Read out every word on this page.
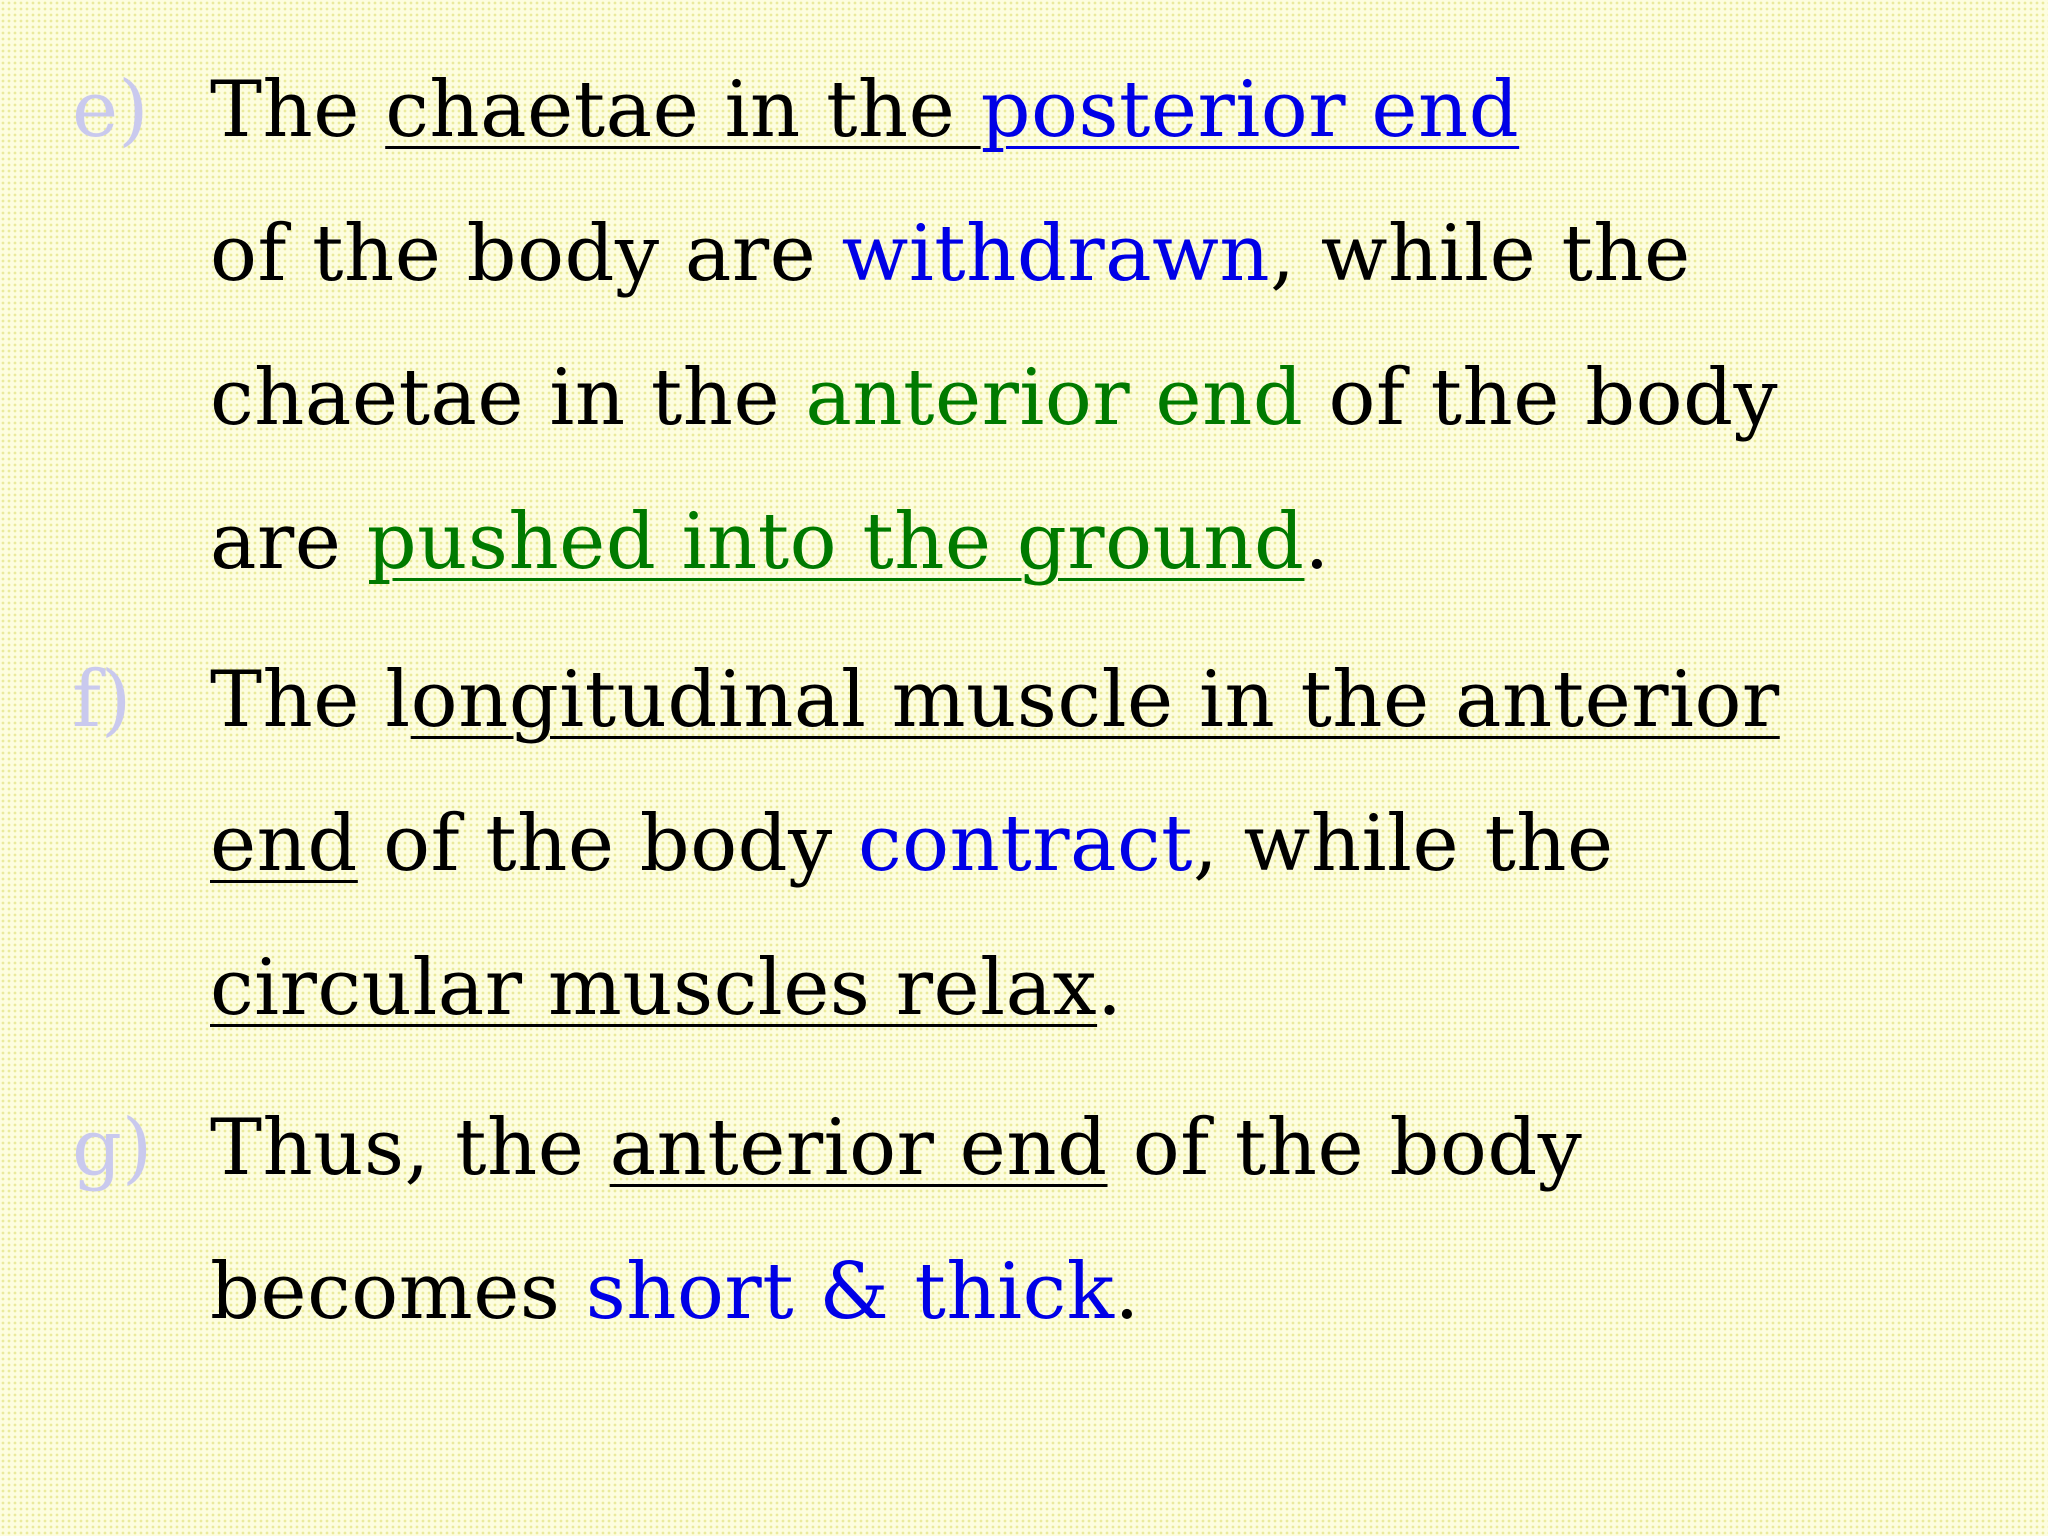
e) The chaetae in the posterior end
of the body are withdrawn, while the chaetae in the anterior end of the body are pushed into the ground.
f) The longitudinal muscle in the anterior end of the body contract, while the circular muscles relax.
g) Thus, the anterior end of the body becomes short & thick.
